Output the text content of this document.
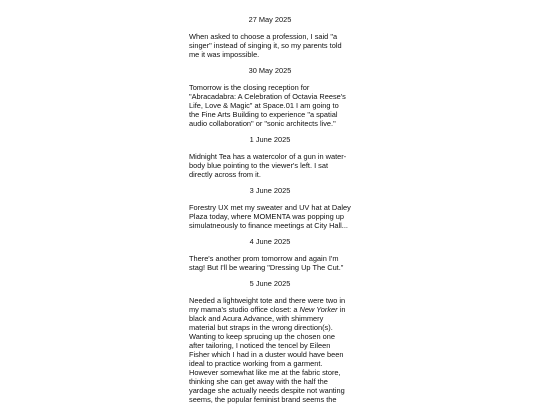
27 May 2025
When asked to choose a profession, I said "a singer" instead of singing it, so my parents told me it was impossible.
30 May 2025
Tomorrow is the closing reception for "Abracadabra: A Celebration of Octavia Reese's Life, Love & Magic" at Space.01 I am going to the Fine Arts Building to experience "a spatial audio collaboration" or "sonic architects live."
1 June 2025
Midnight Tea has a watercolor of a gun in water-body blue pointing to the viewer's left. I sat directly across from it.
3 June 2025
Forestry UX met my sweater and UV hat at Daley Plaza today, where MOMENTA was popping up simulatneously to finance meetings at City Hall...
4 June 2025
There's another prom tomorrow and again I'm stag! But I'll be wearing "Dressing Up The Cut."
5 June 2025
Needed a lightweight tote and there were two in my mama's studio office closet: a New Yorker in black and Acura Advance, with shimmery material but straps in the wrong direction(s). Wanting to keep sprucing up the chosen one after tailoring, I noticed the tencel by Eileen Fisher which I had in a duster would have been ideal to practice working from a garment. However somewhat like me at the fabric store, thinking she can get away with the half the yardage she actually needs despite not wanting seems, the popular feminist brand seems the
